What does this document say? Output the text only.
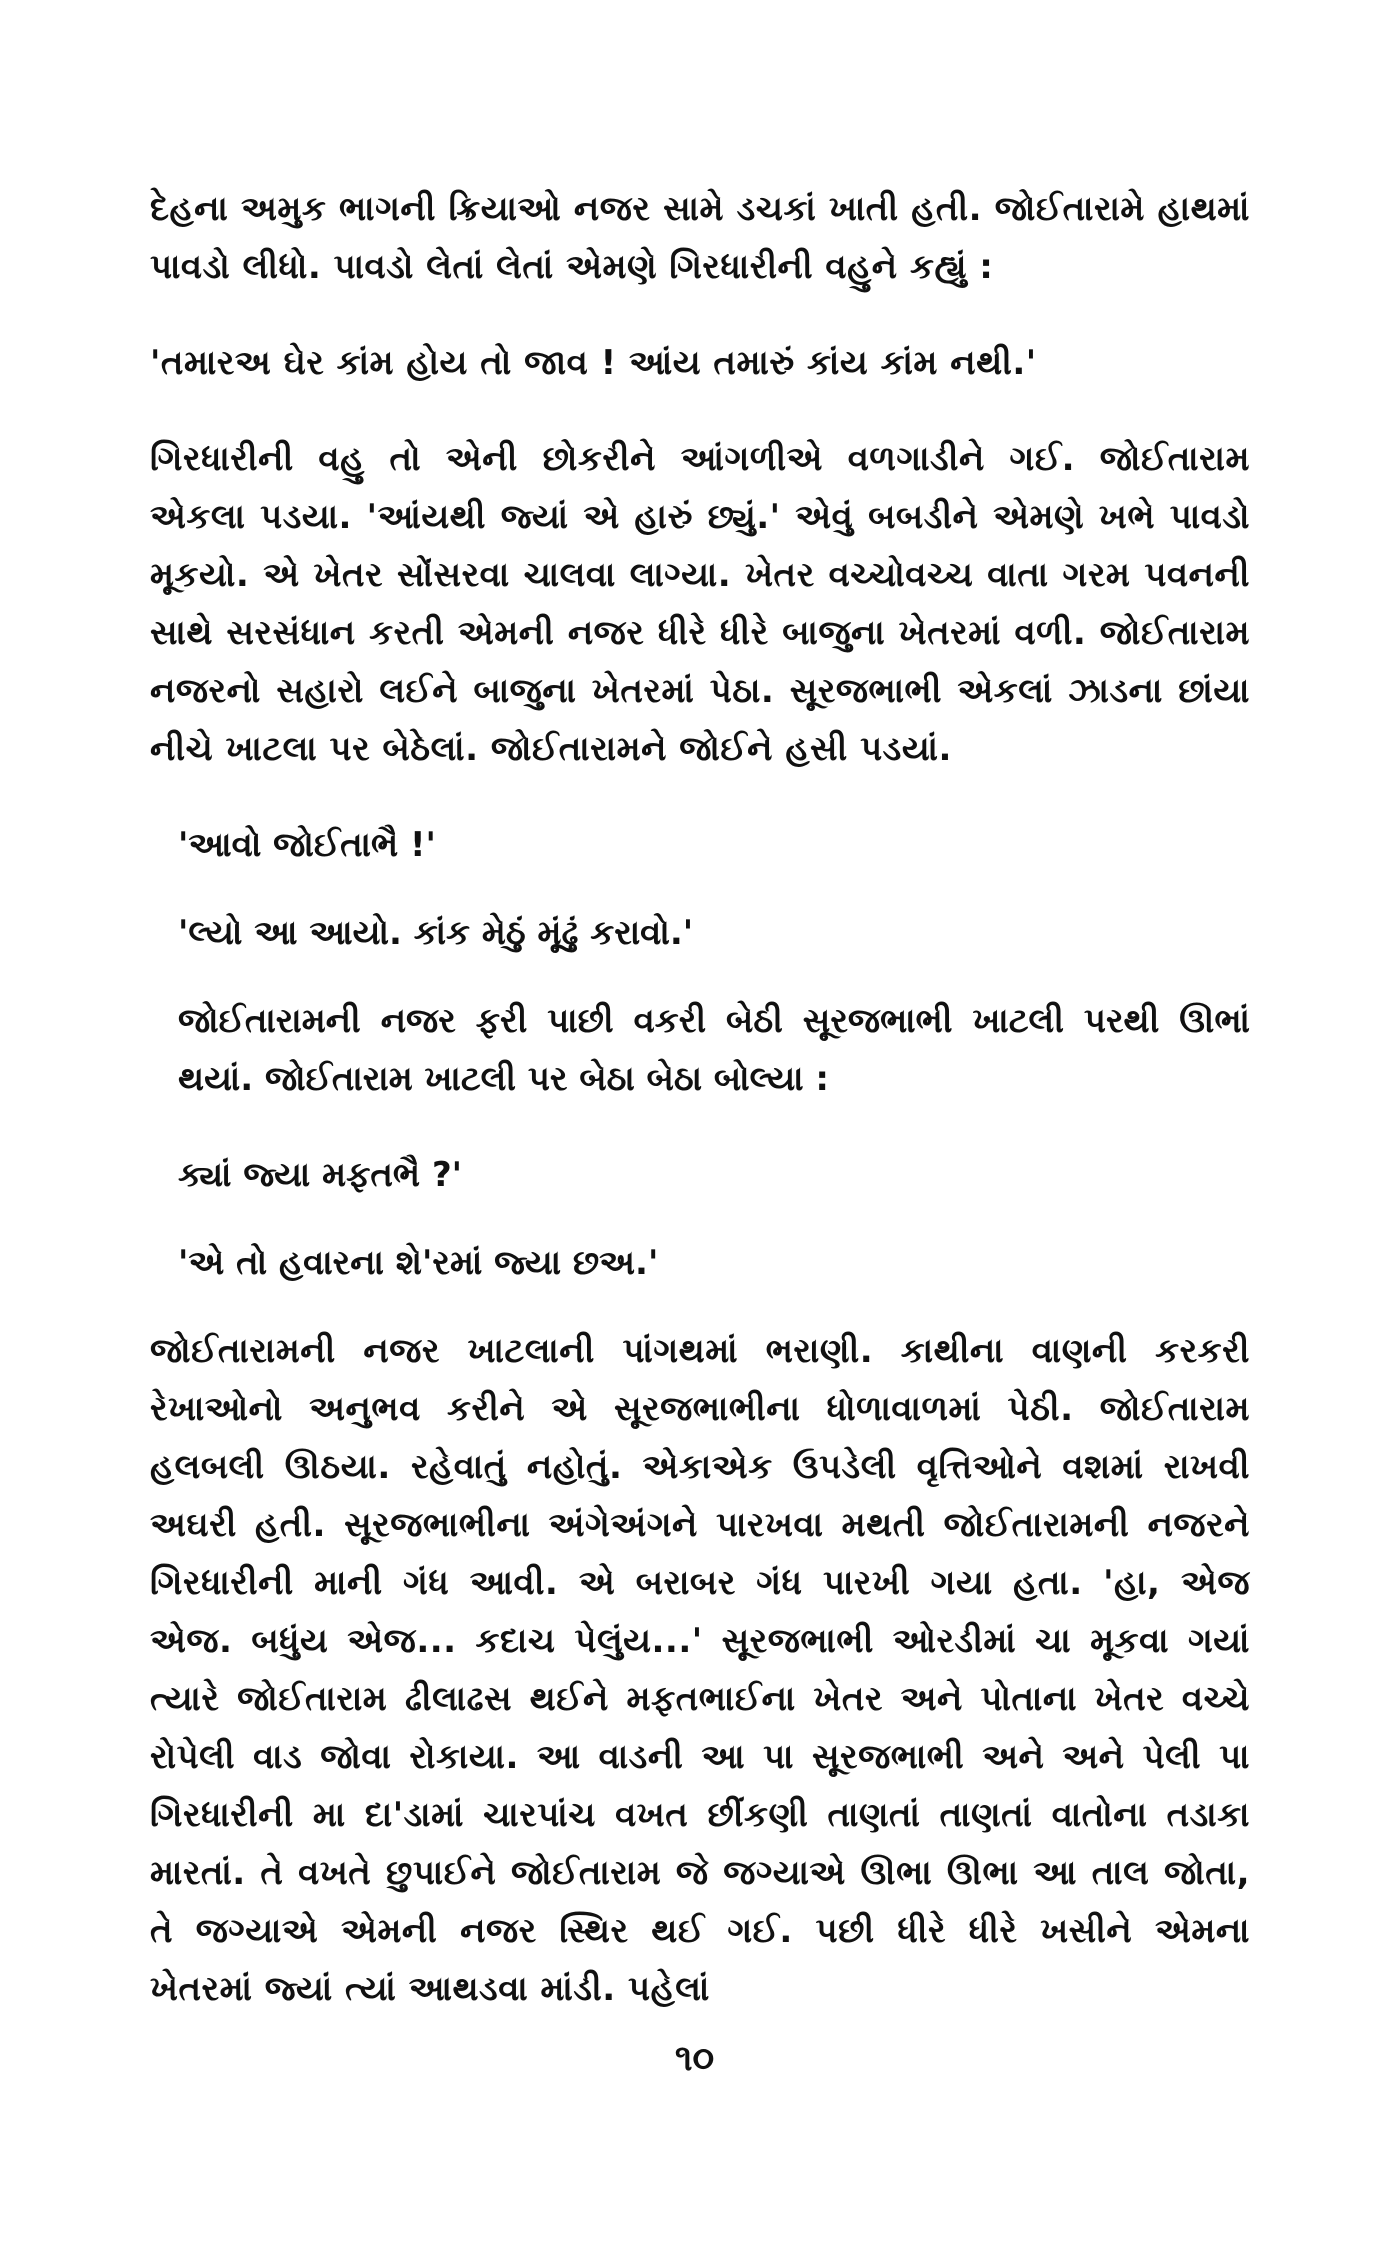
દેહના અમુક ભાગની ક્રિયાઓ નજર સામે ડચકાં ખાતી હતી. જોઈતારામે હાથમાં પાવડો લીધો. પાવડો લેતાં લેતાં એમણે ગિરધારીની વહુને કહ્યું :

'તમારઅ ઘેર કાંમ હોય તો જાવ ! આંય તમારું કાંય કાંમ નથી.'

ગિરધારીની વહુ તો એની છોકરીને આંગળીએ વળગાડીને ગઈ. જોઈતારામ એકલા પડયા. 'આંયથી જ્યાં એ હારું છ્યું.' એવું બબડીને એમણે ખભે પાવડો મૂકયો. એ ખેતર સોંસરવા ચાલવા લાગ્યા. ખેતર વચ્ચોવચ્ચ વાતા ગરમ પવનની સાથે સરસંધાન કરતી એમની નજર ધીરે ધીરે બાજુના ખેતરમાં વળી. જોઈતારામ નજરનો સહારો લઈને બાજુના ખેતરમાં પેઠા. સૂરજભાભી એકલાં ઝાડના છાંયા નીચે ખાટલા પર બેઠેલાં. જોઈતારામને જોઈને હસી પડયાં.

'આવો જોઈતાભૈ !'

'લ્યો આ આયો. કાંક મેઠું મૂંઢું કરાવો.'

જોઈતારામની નજર ફરી પાછી વકરી બેઠી સૂરજભાભી ખાટલી પરથી ઊભાં થયાં. જોઈતારામ ખાટલી પર બેઠા બેઠા બોલ્યા :

ક્યાં જ્યા મફતભૈ ?'

'એ તો હવારના શે'રમાં જ્યા છઅ.'

જોઈતારામની નજર ખાટલાની પાંગથમાં ભરાણી. કાથીના વાણની કરકરી રેખાઓનો અનુભવ કરીને એ સૂરજભાભીના ધોળાવાળમાં પેઠી. જોઈતારામ હલબલી ઊઠયા. રહેવાતું નહોતું. એકાએક ઉપડેલી વૃત્તિઓને વશમાં રાખવી અઘરી હતી. સૂરજભાભીના અંગેઅંગને પારખવા મથતી જોઈતારામની નજરને ગિરધારીની માની ગંધ આવી. એ બરાબર ગંધ પારખી ગયા હતા. 'હા, એજ એજ. બધુંય એજ... કદાચ પેલુંય...' સૂરજભાભી ઓરડીમાં ચા મૂકવા ગયાં ત્યારે જોઈતારામ ઢીલાઢસ થઈને મફતભાઈના ખેતર અને પોતાના ખેતર વચ્ચે રોપેલી વાડ જોવા રોકાયા. આ વાડની આ પા સૂરજભાભી અને અને પેલી પા ગિરધારીની મા દા'ડામાં ચારપાંચ વખત છીંકણી તાણતાં તાણતાં વાતોના તડાકા મારતાં. તે વખતે છુપાઈને જોઈતારામ જે જગ્યાએ ઊભા ઊભા આ તાલ જોતા, તે જગ્યાએ એમની નજર સ્થિર થઈ ગઈ. પછી ધીરે ધીરે ખસીને એમના ખેતરમાં જ્યાં ત્યાં આથડવા માંડી. પહેલાં

૧૦
